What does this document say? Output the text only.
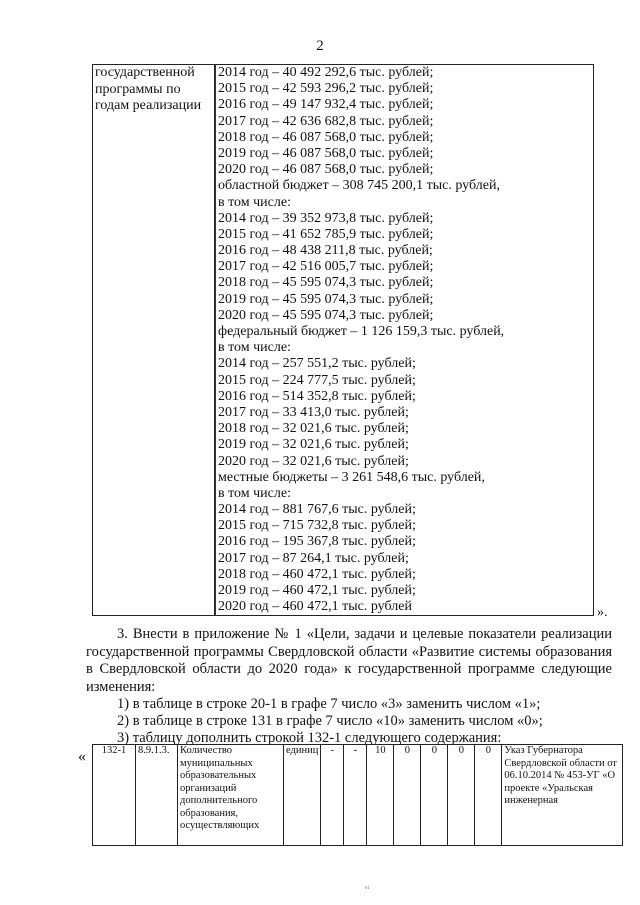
2
государственной
программы по
годам реализации

2014 год – 40 492 292,6 тыс. рублей;
2015 год – 42 593 296,2 тыс. рублей;
2016 год – 49 147 932,4 тыс. рублей;
2017 год – 42 636 682,8 тыс. рублей;
2018 год – 46 087 568,0 тыс. рублей;
2019 год – 46 087 568,0 тыс. рублей;
2020 год – 46 087 568,0 тыс. рублей;
областной бюджет – 308 745 200,1 тыс. рублей,
в том числе:
2014 год – 39 352 973,8 тыс. рублей;
2015 год – 41 652 785,9 тыс. рублей;
2016 год – 48 438 211,8 тыс. рублей;
2017 год – 42 516 005,7 тыс. рублей;
2018 год – 45 595 074,3 тыс. рублей;
2019 год – 45 595 074,3 тыс. рублей;
2020 год – 45 595 074,3 тыс. рублей;
федеральный бюджет – 1 126 159,3 тыс. рублей,
в том числе:
2014 год – 257 551,2 тыс. рублей;
2015 год – 224 777,5 тыс. рублей;
2016 год – 514 352,8 тыс. рублей;
2017 год – 33 413,0 тыс. рублей;
2018 год – 32 021,6 тыс. рублей;
2019 год – 32 021,6 тыс. рублей;
2020 год – 32 021,6 тыс. рублей;
местные бюджеты – 3 261 548,6 тыс. рублей,
в том числе:
2014 год – 881 767,6 тыс. рублей;
2015 год – 715 732,8 тыс. рублей;
2016 год – 195 367,8 тыс. рублей;
2017 год – 87 264,1 тыс. рублей;
2018 год – 460 472,1 тыс. рублей;
2019 год – 460 472,1 тыс. рублей;
2020 год – 460 472,1 тыс. рублей	».
3. Внести в приложение № 1 «Цели, задачи и целевые показатели реализации государственной программы Свердловской области «Развитие системы образования в Свердловской области до 2020 года» к государственной программе следующие изменения:
1) в таблице в строке 20-1 в графе 7 число «3» заменить числом «1»;
2) в таблице в строке 131 в графе 7 число «10» заменить числом «0»;
3) таблицу дополнить строкой 132-1 следующего содержания:
« 132-1	8.9.1.3.	Количество муниципальных образовательных организаций дополнительного образования, осуществляющих	единиц	-	-	10	0	0	0	0	Указ Губернатора Свердловской области от 06.10.2014 № 453-УГ «О проекте «Уральская инженерная
ᵥᵢ
